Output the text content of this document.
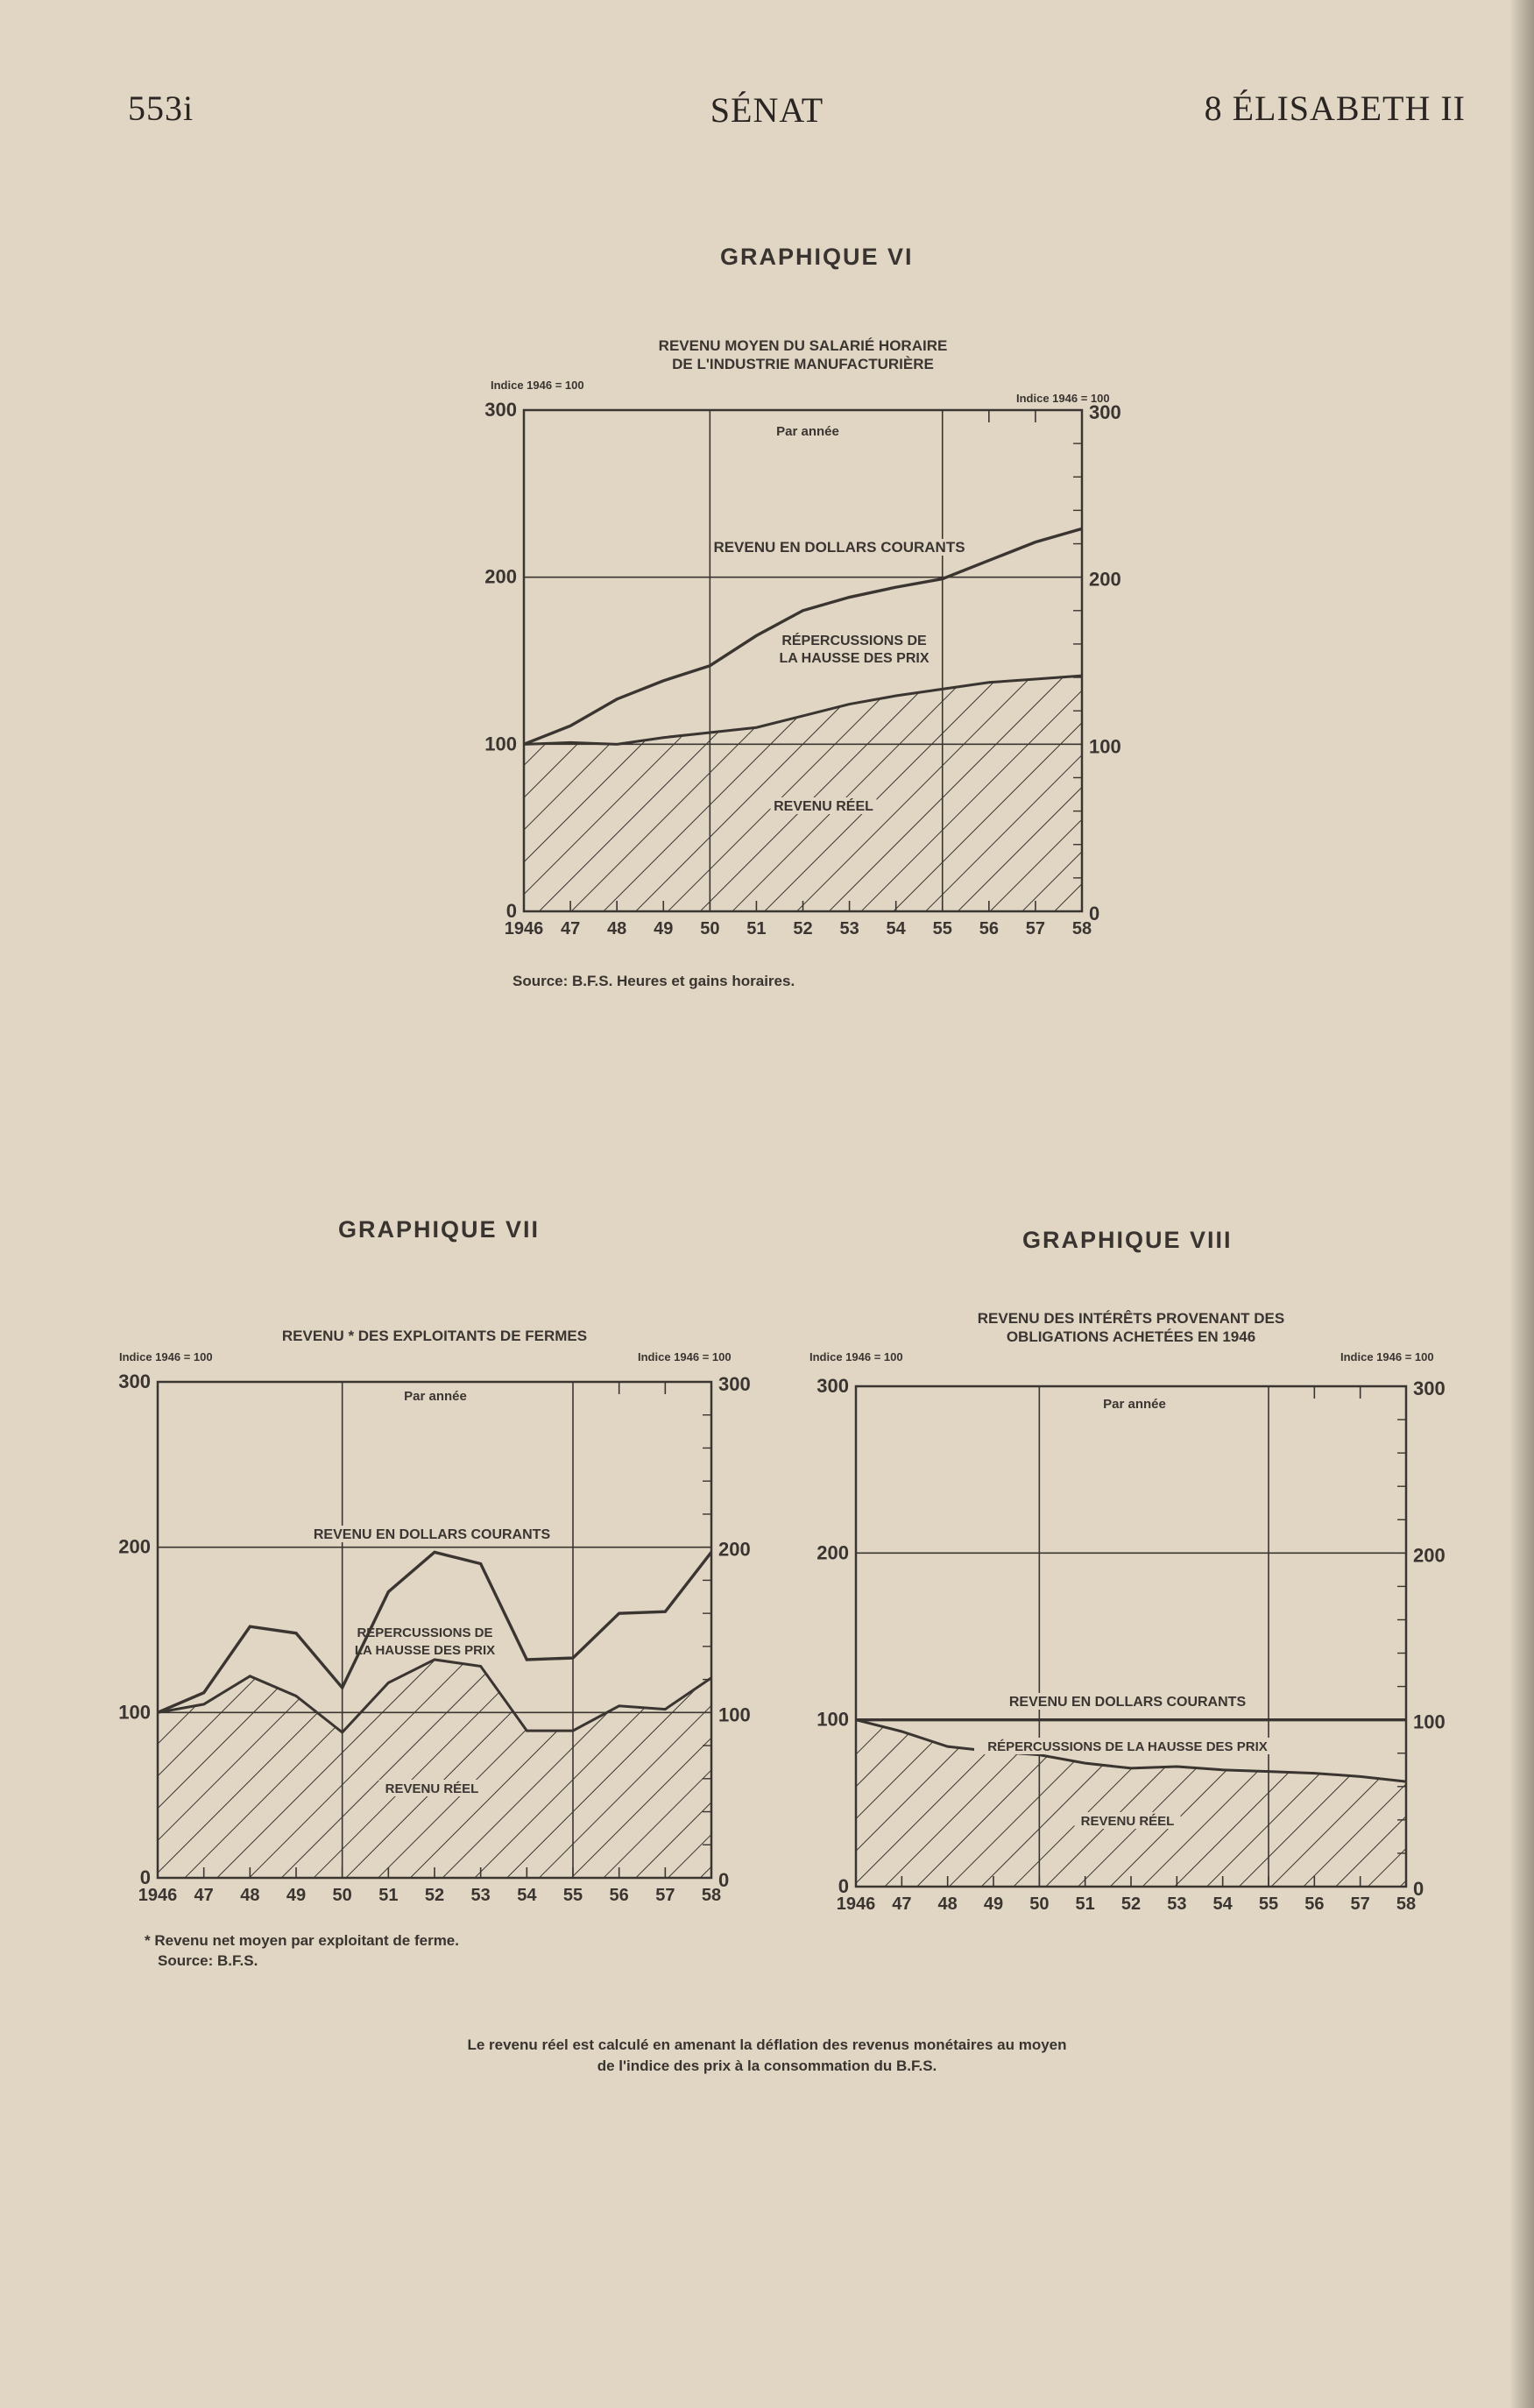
553i	SÉNAT	8 ÉLISABETH II
GRAPHIQUE VI
GRAPHIQUE VII	GRAPHIQUE VIII
REVENU MOYEN DU SALARIÉ HORAIRE
DE L'INDUSTRIE MANUFACTURIÈRE
Indice 1946 = 100
Indice 1946 = 100
1946 47 48 49 50 51 52 53 54 55 56 57 58
0	0
100	100
200	200
300	300
REVENU EN DOLLARS COURANTS
RÉPERCUSSIONS DE
LA HAUSSE DES PRIX
REVENU RÉEL
Par année
REVENU * DES EXPLOITANTS DE FERMES
Indice 1946 = 100	Indice 1946 = 100
1946 47 48 49 50 51 52 53 54 55 56 57 58
0	0
100	100
200	200
300	300
REVENU EN DOLLARS COURANTS
RÉPERCUSSIONS DE
LA HAUSSE DES PRIX
REVENU RÉEL
Par année
REVENU DES INTÉRÊTS PROVENANT DES
OBLIGATIONS ACHETÉES EN 1946
Indice 1946 = 100	Indice 1946 = 100
1946 47 48 49 50 51 52 53 54 55 56 57 58
0	0
100	100
200	200
300	300
REVENU EN DOLLARS COURANTS
RÉPERCUSSIONS DE LA HAUSSE DES PRIX
REVENU RÉEL
Par année
Source: B.F.S. Heures et gains horaires.
* Revenu net moyen par exploitant de ferme.
Source: B.F.S.
Le revenu réel est calculé en amenant la déflation des revenus monétaires au moyen
de l'indice des prix à la consommation du B.F.S.
